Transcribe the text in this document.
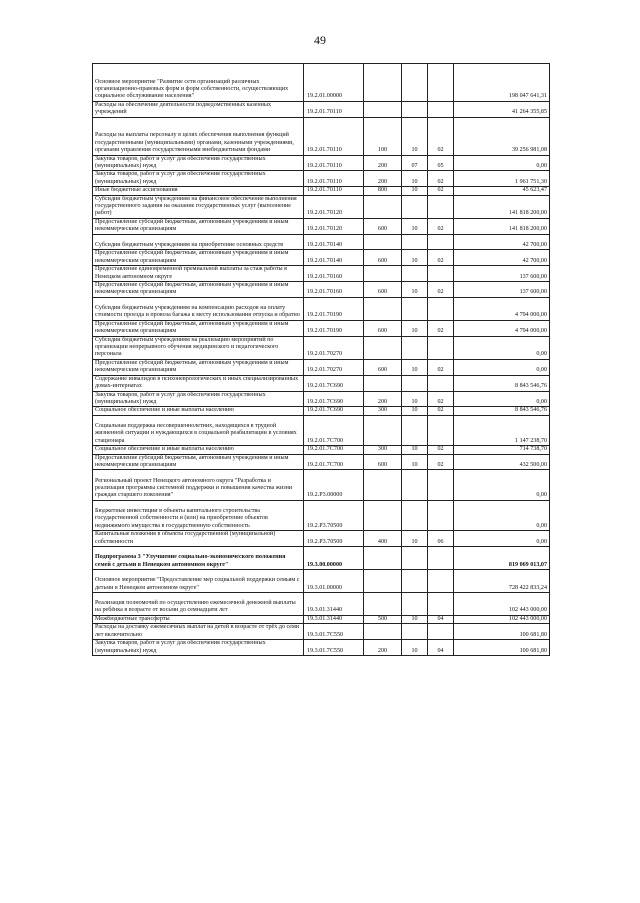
49
Основное мероприятие "Развитие сети организаций различных организационно-правовых форм и форм собственности, осуществляющих социальное обслуживание населения"	19.2.01.00000				198 047 641,31
Расходы на обеспечение деятельности подведомственных казенных учреждений	19.2.01.70110				41 264 355,85
Расходы на выплаты персоналу в целях обеспечения выполнения функций государственными (муниципальными) органами, казенными учреждениями, органами управления государственными внебюджетными фондами	19.2.01.70110	100	10	02	39 256 981,08
Закупка товаров, работ и услуг для обеспечения государственных (муниципальных) нужд	19.2.01.70110	200	07	05	0,00
Закупка товаров, работ и услуг для обеспечения государственных (муниципальных) нужд	19.2.01.70110	200	10	02	1 961 751,30
Иные бюджетные ассигнования	19.2.01.70110	800	10	02	45 623,47
Субсидии бюджетным учреждениям на финансовое обеспечение выполнения государственного задания на оказание государственных услуг (выполнение работ)	19.2.01.70120				141 818 200,00
Предоставление субсидий бюджетным, автономным учреждениям и иным некоммерческим организациям	19.2.01.70120	600	10	02	141 818 200,00
Субсидии бюджетным учреждениям на приобретение основных средств	19.2.01.70140				42 700,00
Предоставление субсидий бюджетным, автономным учреждениям и иным некоммерческим организациям	19.2.01.70140	600	10	02	42 700,00
Предоставление единовременной премиальной выплаты за стаж работы в Ненецком автономном округе	19.2.01.70160				137 600,00
Предоставление субсидий бюджетным, автономным учреждениям и иным некоммерческим организациям	19.2.01.70160	600	10	02	137 600,00
Субсидии бюджетным учреждениям на компенсацию расходов на оплату стоимости проезда и провоза багажа к месту использования отпуска и обратно	19.2.01.70190				4 794 000,00
Предоставление субсидий бюджетным, автономным учреждениям и иным некоммерческим организациям	19.2.01.70190	600	10	02	4 794 000,00
Субсидии бюджетным учреждениям на реализацию мероприятий по организации непрерывного обучения медицинского и педагогического персонала	19.2.01.70270				0,00
Предоставление субсидий бюджетным, автономным учреждениям и иным некоммерческим организациям	19.2.01.70270	600	10	02	0,00
Содержание инвалидов в психоневрологических и иных специализированных домах-интернатах	19.2.01.7С690				8 843 546,76
Закупка товаров, работ и услуг для обеспечения государственных (муниципальных) нужд	19.2.01.7С690	200	10	02	0,00
Социальное обеспечение и иные выплаты населению	19.2.01.7С690	300	10	02	8 843 546,76
Социальная поддержка несовершеннолетних, находящихся в трудной жизненной ситуации и нуждающихся в социальной реабилитации в условиях стационара	19.2.01.7С700				1 147 238,70
Социальное обеспечение и иные выплаты населению	19.2.01.7С700	300	10	02	714 738,70
Предоставление субсидий бюджетным, автономным учреждениям и иным некоммерческим организациям	19.2.01.7С700	600	10	02	432 500,00
Региональный проект Ненецкого автономного округа "Разработка и реализация программы системной поддержки и повышения качества жизни граждан старшего поколения"	19.2.P3.00000				0,00
Бюджетные инвестиции в объекты капитального строительства государственной собственности и (или) на приобретение объектов недвижимого имущества в государственную собственность	19.2.P3.70500				0,00
Капитальные вложения в объекты государственной (муниципальной) собственности	19.2.P3.70500	400	10	06	0,00
Подпрограмма 3 "Улучшение социально-экономического положения семей с детьми в Ненецком автономном округе"	19.3.00.00000				819 069 013,07
Основное мероприятие "Предоставление мер социальной поддержки семьям с детьми в Ненецком автономном округе"	19.3.01.00000				728 422 833,24
Реализация полномочий по осуществлению ежемесячной денежной выплаты на ребёнка в возрасте от восьми до семнадцати лет	19.3.01.31440				102 443 000,00
Межбюджетные трансферты	19.3.01.31440	500	10	04	102 443 000,00
Расходы на доставку ежемесячных выплат на детей в возрасте от трёх до семи лет включительно	19.3.01.7С550				100 681,80
Закупка товаров, работ и услуг для обеспечения государственных (муниципальных) нужд	19.3.01.7С550	200	10	04	100 681,80
